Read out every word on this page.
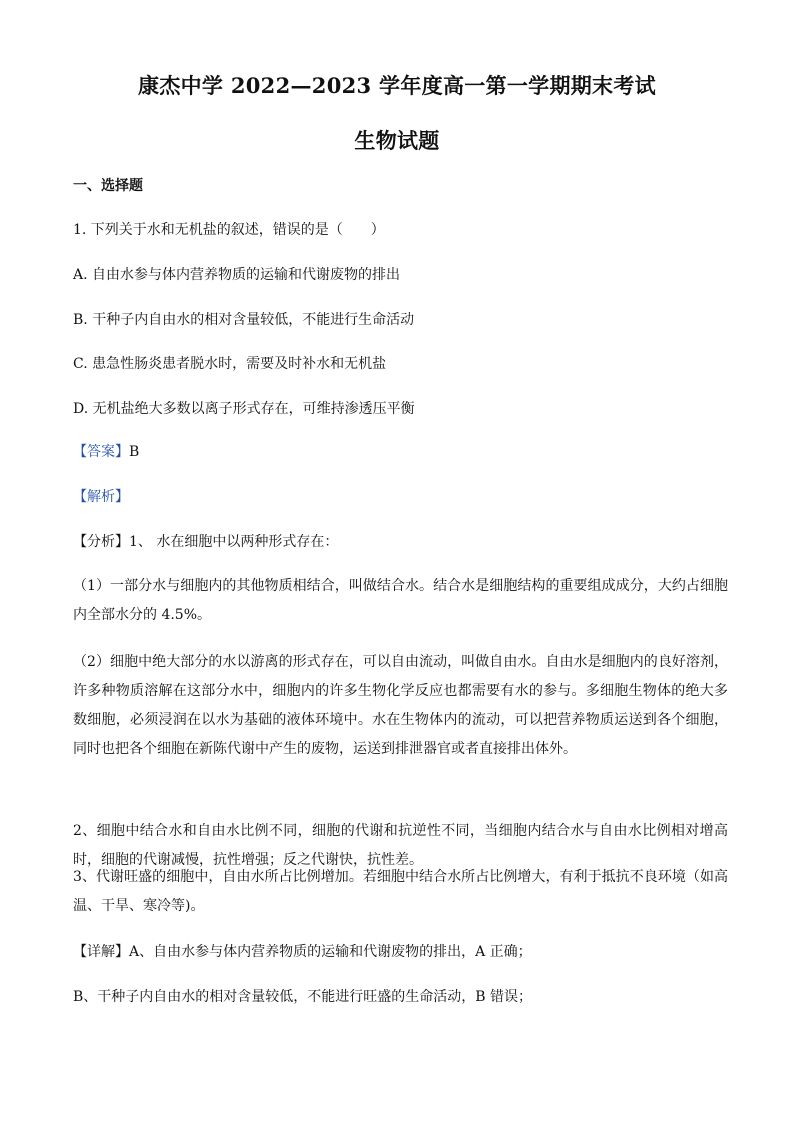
康杰中学 2022—2023 学年度高一第一学期期末考试
生物试题
一、选择题
1. 下列关于水和无机盐的叙述，错误的是（　　）
A. 自由水参与体内营养物质的运输和代谢废物的排出
B. 干种子内自由水的相对含量较低，不能进行生命活动
C. 患急性肠炎患者脱水时，需要及时补水和无机盐
D. 无机盐绝大多数以离子形式存在，可维持渗透压平衡
【答案】B
【解析】
【分析】1、 水在细胞中以两种形式存在：
（1）一部分水与细胞内的其他物质相结合，叫做结合水。结合水是细胞结构的重要组成成分，大约占细胞内全部水分的 4.5%。
（2）细胞中绝大部分的水以游离的形式存在，可以自由流动，叫做自由水。自由水是细胞内的良好溶剂，许多种物质溶解在这部分水中，细胞内的许多生物化学反应也都需要有水的参与。多细胞生物体的绝大多数细胞，必须浸润在以水为基础的液体环境中。水在生物体内的流动，可以把营养物质运送到各个细胞，同时也把各个细胞在新陈代谢中产生的废物，运送到排泄器官或者直接排出体外。
2、细胞中结合水和自由水比例不同，细胞的代谢和抗逆性不同，当细胞内结合水与自由水比例相对增高时，细胞的代谢减慢，抗性增强；反之代谢快，抗性差。
3、代谢旺盛的细胞中，自由水所占比例增加。若细胞中结合水所占比例增大，有利于抵抗不良环境（如高温、干旱、寒冷等)。
【详解】A、自由水参与体内营养物质的运输和代谢废物的排出，A 正确；
B、干种子内自由水的相对含量较低，不能进行旺盛的生命活动，B 错误；
